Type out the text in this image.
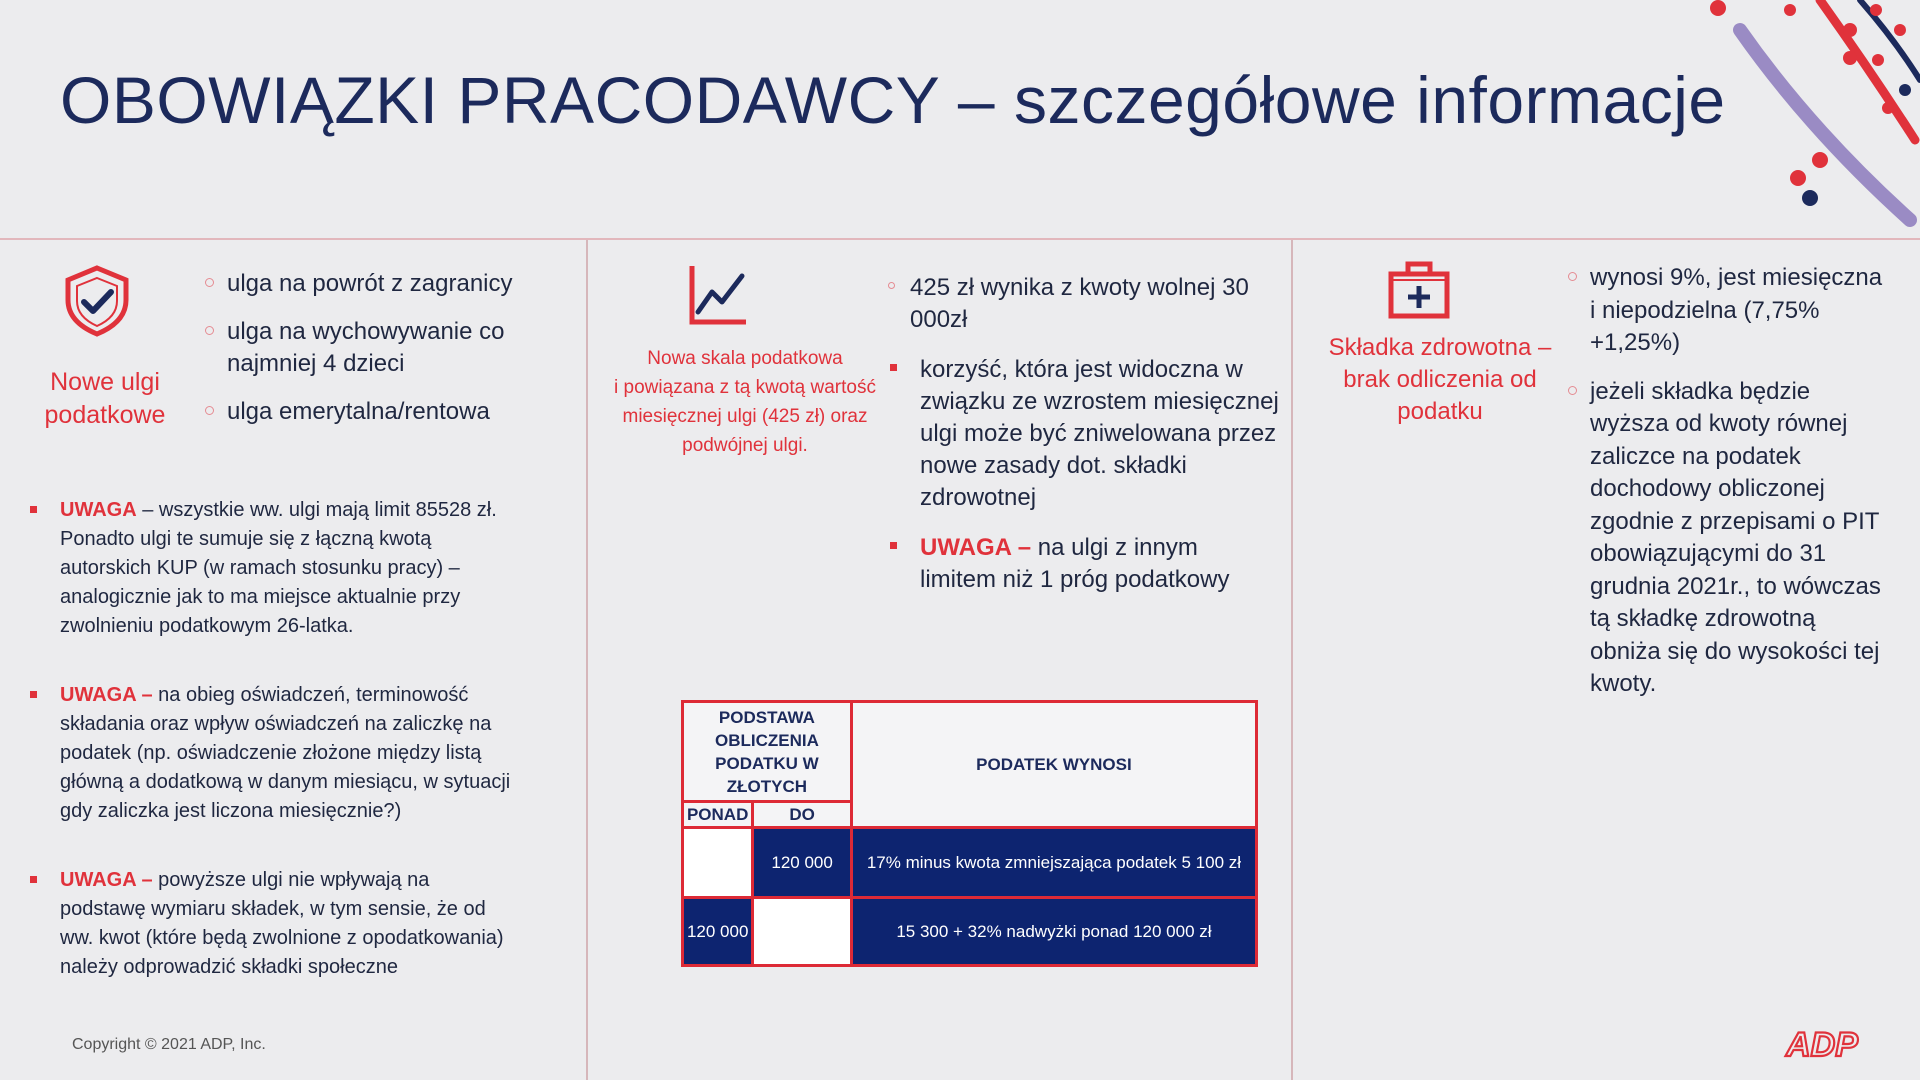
OBOWIĄZKI PRACODAWCY – szczegółowe informacje
Nowe ulgi
podatkowe
ulga na powrót z zagranicy
ulga na wychowywanie co najmniej 4 dzieci
ulga emerytalna/rentowa
UWAGA – wszystkie ww. ulgi mają limit 85528 zł. Ponadto ulgi te sumuje się z łączną kwotą autorskich KUP (w ramach stosunku pracy) – analogicznie jak to ma miejsce aktualnie przy zwolnieniu podatkowym 26-latka.
UWAGA – na obieg oświadczeń, terminowość składania oraz wpływ oświadczeń na zaliczkę na podatek (np. oświadczenie złożone między listą główną a dodatkową w danym miesiącu, w sytuacji gdy zaliczka jest liczona miesięcznie?)
UWAGA – powyższe ulgi nie wpływają na podstawę wymiaru składek, w tym sensie, że od ww. kwot (które będą zwolnione z opodatkowania) należy odprowadzić składki społeczne
Nowa skala podatkowa
i powiązana z tą kwotą wartość
miesięcznej ulgi (425 zł) oraz
podwójnej ulgi.
425 zł wynika z kwoty wolnej 30 000zł
korzyść, która jest widoczna w związku ze wzrostem miesięcznej ulgi może być zniwelowana przez nowe zasady dot. składki zdrowotnej
UWAGA – na ulgi z innym limitem niż 1 próg podatkowy
PODSTAWA OBLICZENIA PODATKU W ZŁOTYCH		PODATEK WYNOSI
PONAD	DO	
	120 000	17% minus kwota zmniejszająca podatek 5 100 zł
120 000		15 300 + 32% nadwyżki ponad 120 000 zł
Składka zdrowotna –
brak odliczenia od
podatku
wynosi 9%, jest miesięczna i niepodzielna (7,75% +1,25%)
jeżeli składka będzie wyższa od kwoty równej zaliczce na podatek dochodowy obliczonej zgodnie z przepisami o PIT obowiązującymi do 31 grudnia 2021r., to wówczas tą składkę zdrowotną obniża się do wysokości tej kwoty.
Copyright © 2021 ADP, Inc.	ADP
